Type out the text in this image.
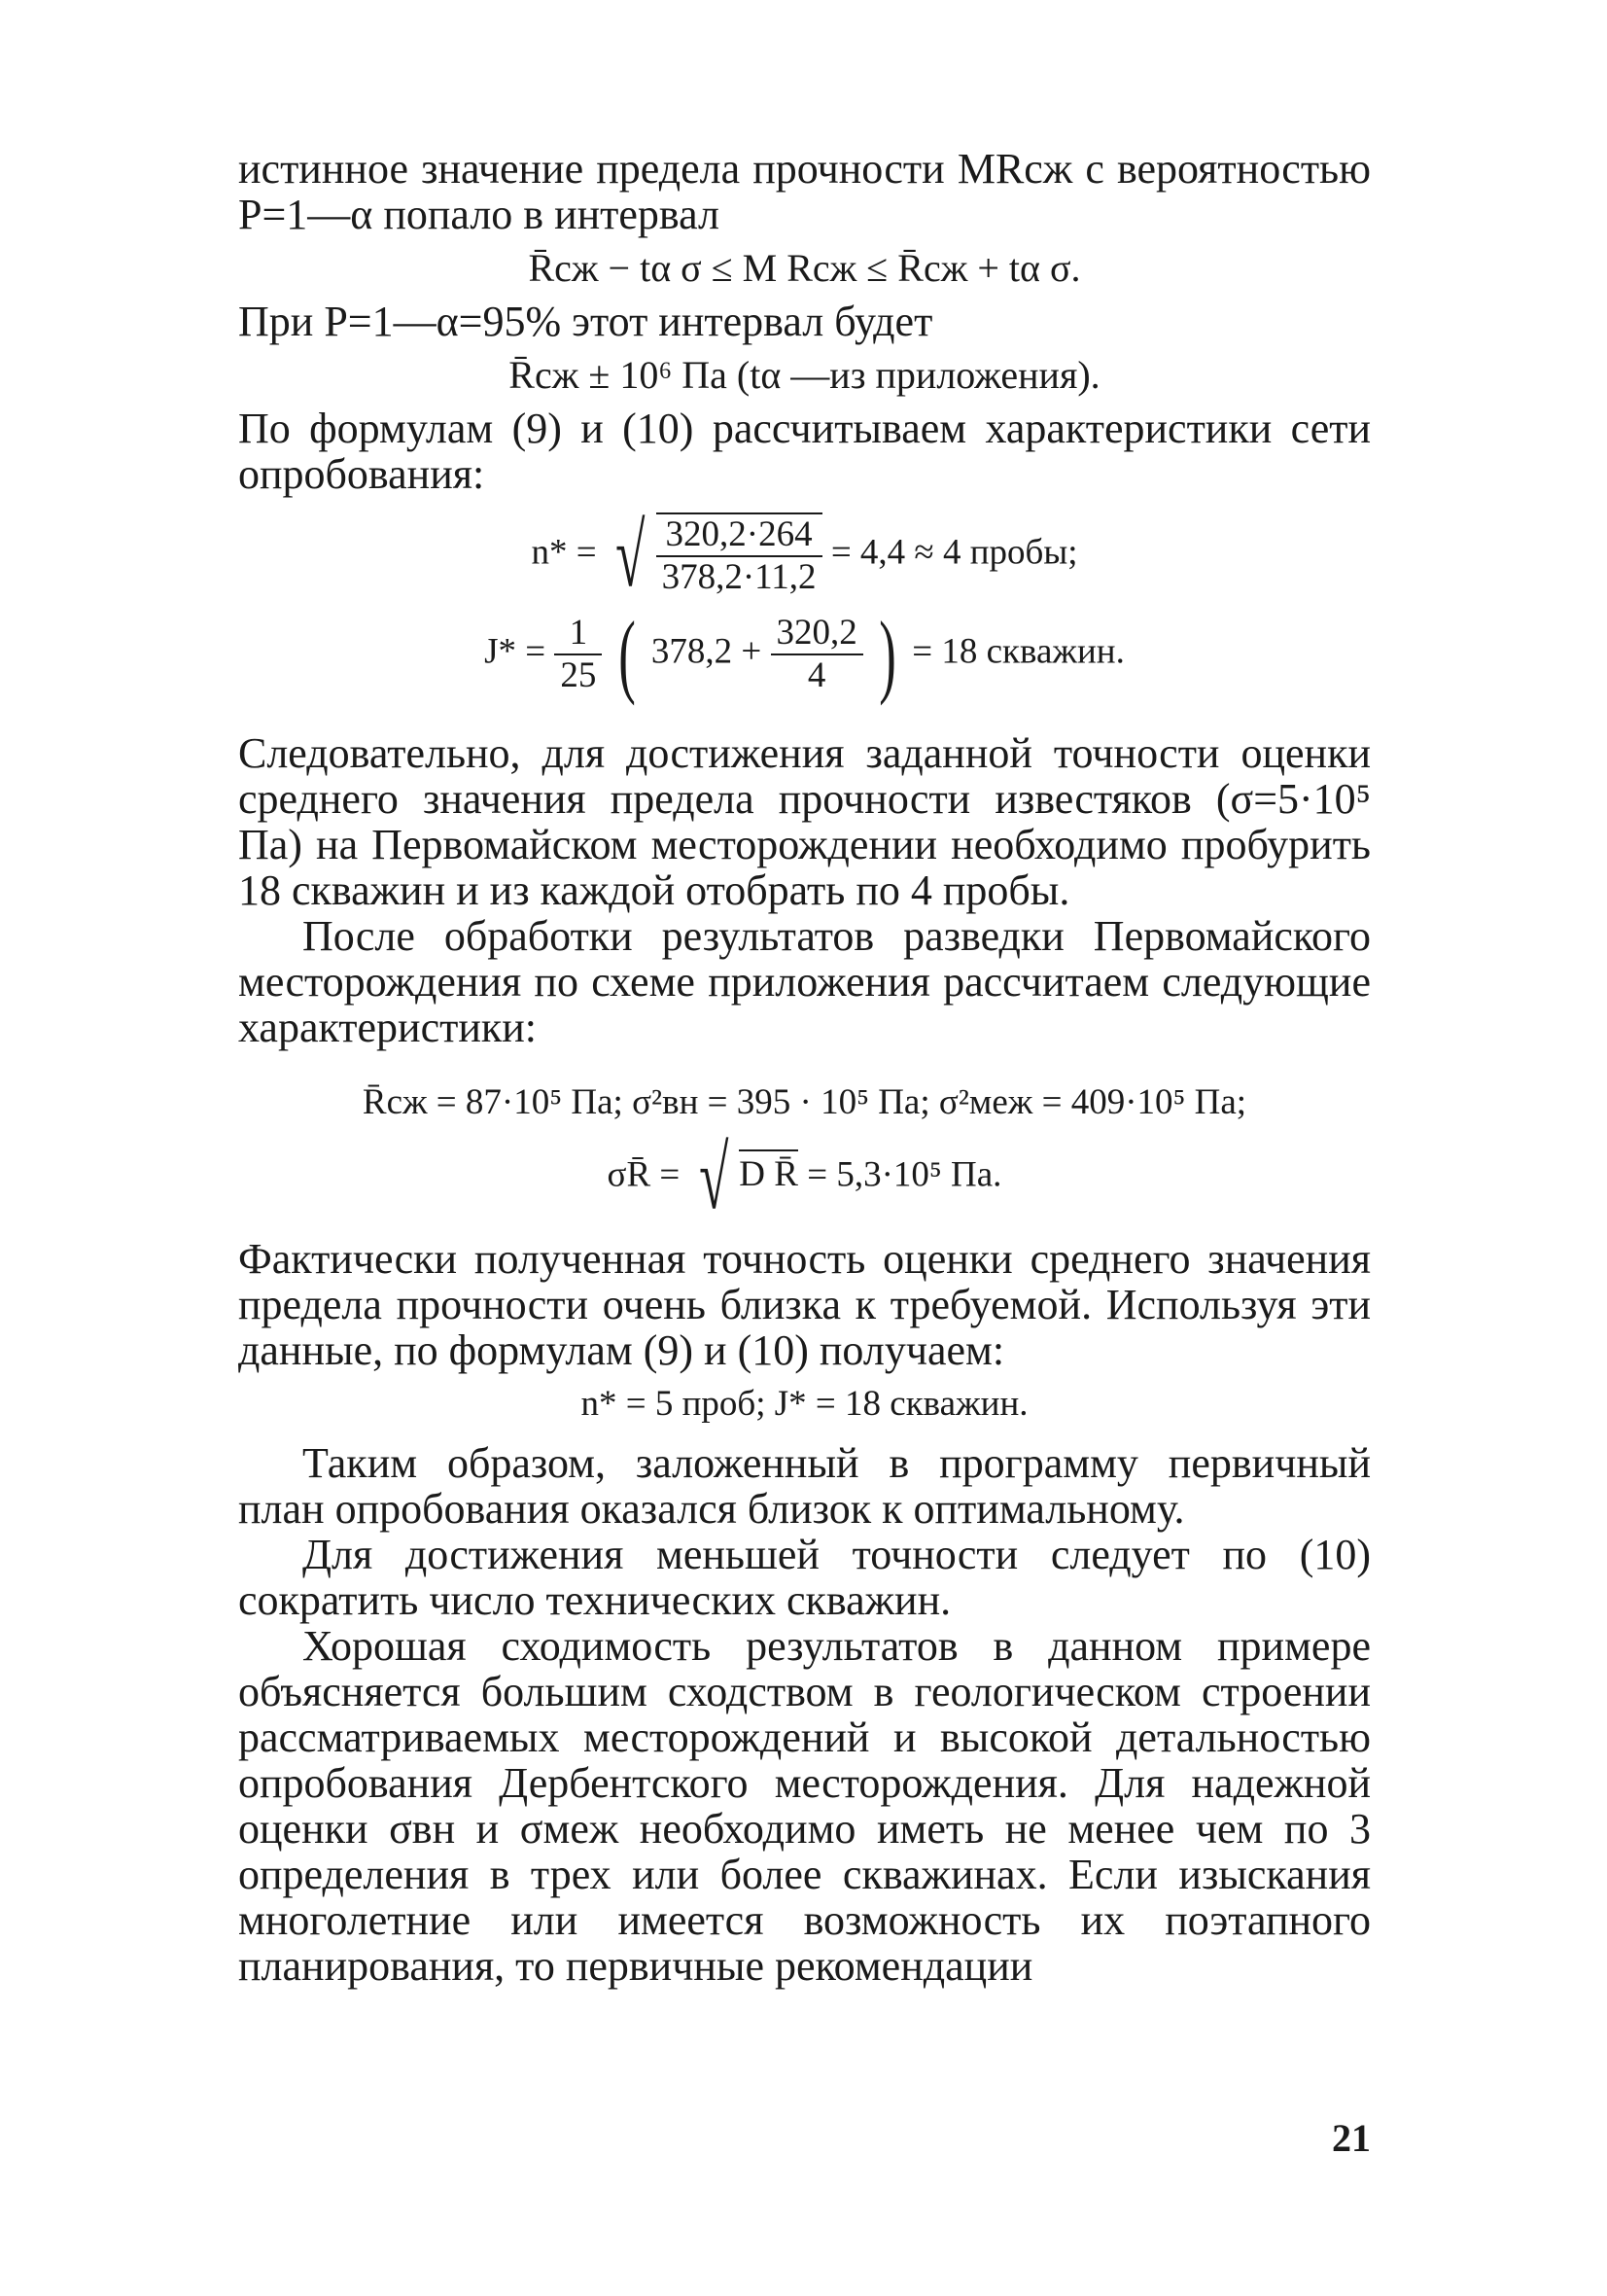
истинное значение предела прочности MRсж с вероятностью P=1—α попало в интервал

R̄сж − tα σ ≤ M Rсж ≤ R̄сж + tα σ.

При P=1—α=95% этот интервал будет

R̄сж ± 10⁶ Па (tα —из приложения).

По формулам (9) и (10) рассчитываем характеристики сети опробования:

n* = √ $\frac{320,2\cdot 264}{378,2\cdot 11,2} = 4,4 \approx 4$ пробы;
$J* = \frac{1}{25}$ ( $378,2 + \frac{320,2}{4}$ ) = 18 скважин.

Следовательно, для достижения заданной точности оценки среднего значения предела прочности известяков (σ=5·10⁵ Па) на Первомайском месторождении необходимо пробурить 18 скважин и из каждой отобрать по 4 пробы.

После обработки результатов разведки Первомайского месторождения по схеме приложения рассчитаем следующие характеристики:

R̄сж = 87·10⁵ Па; σ²вн = 395 · 10⁵ Па; σ²меж = 409·10⁵ Па;
σR̄ = √ D R̄ = 5,3·10⁵ Па.

Фактически полученная точность оценки среднего значения предела прочности очень близка к требуемой. Используя эти данные, по формулам (9) и (10) получаем:

n* = 5 проб; J* = 18 скважин.

Таким образом, заложенный в программу первичный план опробования оказался близок к оптимальному.

Для достижения меньшей точности следует по (10) сократить число технических скважин.

Хорошая сходимость результатов в данном примере объясняется большим сходством в геологическом строении рассматриваемых месторождений и высокой детальностью опробования Дербентского месторождения. Для надежной оценки σвн и σмеж необходимо иметь не менее чем по 3 определения в трех или более скважинах. Если изыскания многолетние или имеется возможность их поэтапного планирования, то первичные рекомендации

21
